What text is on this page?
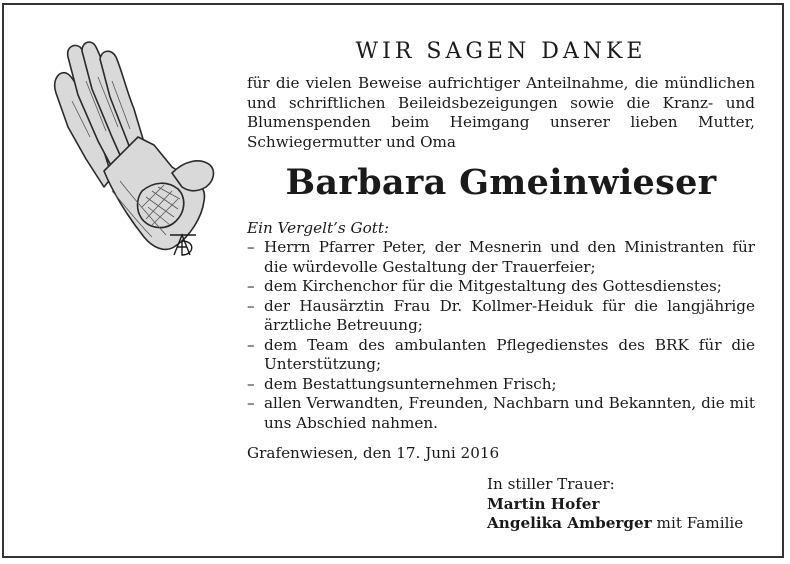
WIR SAGEN DANKE

für die vielen Beweise aufrichtiger Anteilnahme, die mündlichen und schriftlichen Beileidsbezeigungen sowie die Kranz- und Blumenspenden beim Heimgang unserer lieben Mutter, Schwiegermutter und Oma

Barbara Gmeinwieser
Ein Vergelt’s Gott:
– Herrn Pfarrer Peter, der Mesnerin und den Ministranten für die würdevolle Gestaltung der Trauerfeier;
– dem Kirchenchor für die Mitgestaltung des Gottesdienstes;
– der Hausärztin Frau Dr. Kollmer-Heiduk für die langjährige ärztliche Betreuung;
– dem Team des ambulanten Pflegedienstes des BRK für die Unterstützung;
– dem Bestattungsunternehmen Frisch;
– allen Verwandten, Freunden, Nachbarn und Bekannten, die mit uns Abschied nahmen.
Grafenwiesen, den 17. Juni 2016
In stiller Trauer:
Martin Hofer
Angelika Amberger mit Familie
